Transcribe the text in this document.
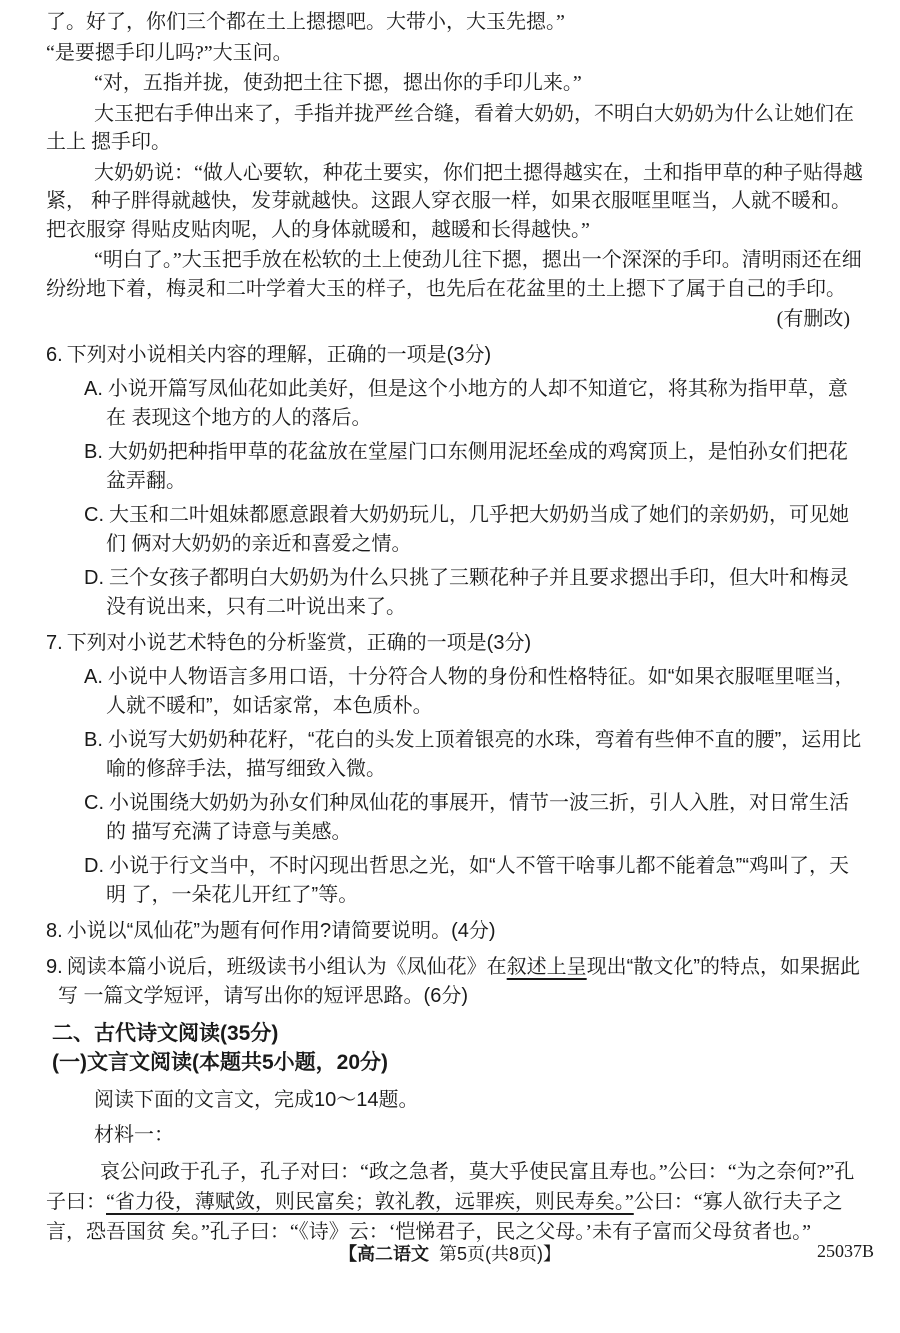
了。好了，你们三个都在土上摁摁吧。大带小，大玉先摁。”

“是要摁手印儿吗?”大玉问。

“对，五指并拢，使劲把土往下摁，摁出你的手印儿来。”

大玉把右手伸出来了，手指并拢严丝合缝，看着大奶奶，不明白大奶奶为什么让她们在土上 摁手印。

大奶奶说：“做人心要软，种花土要实，你们把土摁得越实在，土和指甲草的种子贴得越紧， 种子胖得就越快，发芽就越快。这跟人穿衣服一样，如果衣服哐里哐当，人就不暖和。把衣服穿 得贴皮贴肉呢，人的身体就暖和，越暖和长得越快。”

“明白了。”大玉把手放在松软的土上使劲儿往下摁，摁出一个深深的手印。清明雨还在细纷纷地下着，梅灵和二叶学着大玉的样子，也先后在花盆里的土上摁下了属于自己的手印。

(有删改)

6. 下列对小说相关内容的理解，正确的一项是(3分)

A. 小说开篇写凤仙花如此美好，但是这个小地方的人却不知道它，将其称为指甲草，意在 表现这个地方的人的落后。

B. 大奶奶把种指甲草的花盆放在堂屋门口东侧用泥坯垒成的鸡窝顶上，是怕孙女们把花 盆弄翻。

C. 大玉和二叶姐妹都愿意跟着大奶奶玩儿，几乎把大奶奶当成了她们的亲奶奶，可见她们 俩对大奶奶的亲近和喜爱之情。

D. 三个女孩子都明白大奶奶为什么只挑了三颗花种子并且要求摁出手印，但大叶和梅灵 没有说出来，只有二叶说出来了。

7. 下列对小说艺术特色的分析鉴赏，正确的一项是(3分)

A. 小说中人物语言多用口语，十分符合人物的身份和性格特征。如“如果衣服哐里哐当， 人就不暖和”，如话家常，本色质朴。

B. 小说写大奶奶种花籽，“花白的头发上顶着银亮的水珠，弯着有些伸不直的腰”，运用比 喻的修辞手法，描写细致入微。

C. 小说围绕大奶奶为孙女们种凤仙花的事展开，情节一波三折，引人入胜，对日常生活的 描写充满了诗意与美感。

D. 小说于行文当中，不时闪现出哲思之光，如“人不管干啥事儿都不能着急”“鸡叫了，天明 了，一朵花儿开红了”等。

8. 小说以“凤仙花”为题有何作用?请简要说明。(4分)

9. 阅读本篇小说后，班级读书小组认为《凤仙花》在叙述上呈现出“散文化”的特点，如果据此写 一篇文学短评，请写出你的短评思路。(6分)

二、古代诗文阅读(35分)
(一)文言文阅读(本题共5小题，20分)

阅读下面的文言文，完成10～14题。

材料一：

哀公问政于孔子，孔子对曰：“政之急者，莫大乎使民富且寿也。”公曰：“为之奈何?”孔子曰：“省力役，薄赋敛，则民富矣；敦礼教，远罪疾，则民寿矣。”公曰：“寡人欲行夫子之言，恐吾国贫 矣。”孔子曰：“《诗》云：‘恺悌君子，民之父母。’未有子富而父母贫者也。”

【高二语文 第5页(共8页)】	25037B
